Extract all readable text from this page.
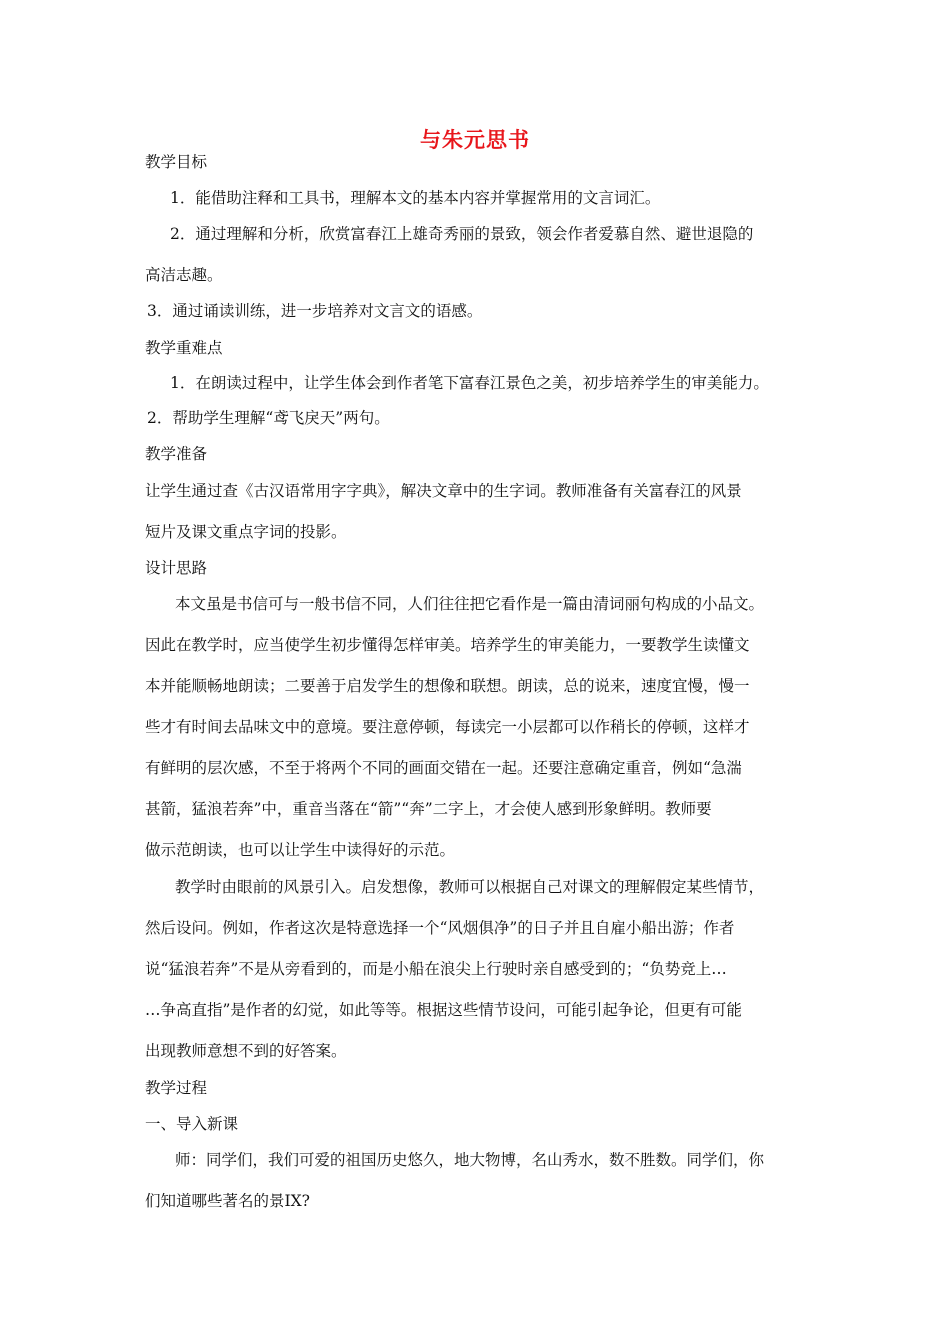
与朱元思书

教学目标

1．能借助注释和工具书，理解本文的基本内容并掌握常用的文言词汇。

2．通过理解和分析，欣赏富春江上雄奇秀丽的景致，领会作者爱慕自然、避世退隐的

高洁志趣。

3．通过诵读训练，进一步培养对文言文的语感。

教学重难点

1．在朗读过程中，让学生体会到作者笔下富春江景色之美，初步培养学生的审美能力。

2．帮助学生理解“鸢飞戾天”两句。

教学准备

让学生通过查《古汉语常用字字典》，解决文章中的生字词。教师准备有关富春江的风景

短片及课文重点字词的投影。

设计思路

本文虽是书信可与一般书信不同，人们往往把它看作是一篇由清词丽句构成的小品文。

因此在教学时，应当使学生初步懂得怎样审美。培养学生的审美能力，一要教学生读懂文

本并能顺畅地朗读；二要善于启发学生的想像和联想。朗读，总的说来，速度宜慢，慢一

些才有时间去品味文中的意境。要注意停顿，每读完一小层都可以作稍长的停顿，这样才

有鲜明的层次感，不至于将两个不同的画面交错在一起。还要注意确定重音，例如“急湍

甚箭，猛浪若奔”中，重音当落在“箭”“奔”二字上，才会使人感到形象鲜明。教师要

做示范朗读，也可以让学生中读得好的示范。

教学时由眼前的风景引入。启发想像，教师可以根据自己对课文的理解假定某些情节，

然后设问。例如，作者这次是特意选择一个“风烟俱净”的日子并且自雇小船出游；作者

说“猛浪若奔”不是从旁看到的，而是小船在浪尖上行驶时亲自感受到的；“负势竞上…

…争高直指”是作者的幻觉，如此等等。根据这些情节设问，可能引起争论，但更有可能

出现教师意想不到的好答案。

教学过程

一、导入新课

师：同学们，我们可爱的祖国历史悠久，地大物博，名山秀水，数不胜数。同学们，你

们知道哪些著名的景IX?
